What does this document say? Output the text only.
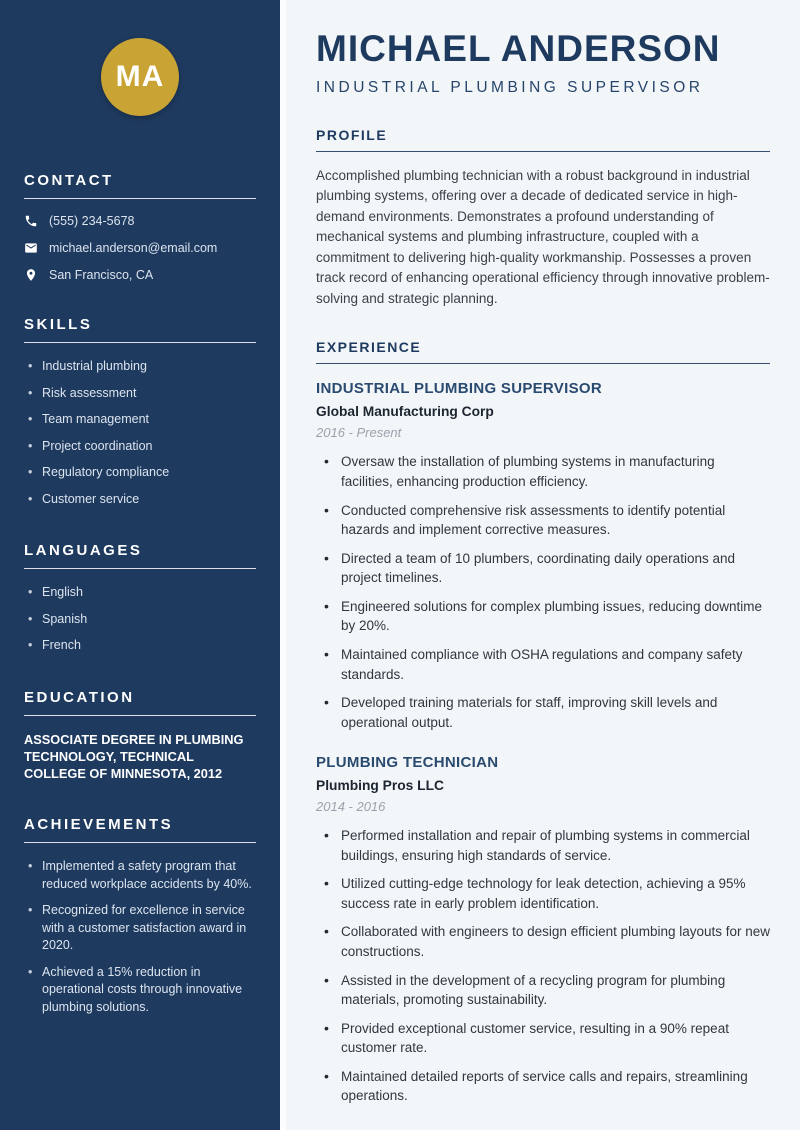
MA
CONTACT
(555) 234-5678
michael.anderson@email.com
San Francisco, CA
SKILLS
• Industrial plumbing
• Risk assessment
• Team management
• Project coordination
• Regulatory compliance
• Customer service
LANGUAGES
• English
• Spanish
• French
EDUCATION

ASSOCIATE DEGREE IN PLUMBING TECHNOLOGY, TECHNICAL COLLEGE OF MINNESOTA, 2012

ACHIEVEMENTS
• Implemented a safety program that reduced workplace accidents by 40%.
• Recognized for excellence in service with a customer satisfaction award in 2020.
• Achieved a 15% reduction in operational costs through innovative plumbing solutions.
MICHAEL ANDERSON

INDUSTRIAL PLUMBING SUPERVISOR

PROFILE

Accomplished plumbing technician with a robust background in industrial plumbing systems, offering over a decade of dedicated service in high-demand environments. Demonstrates a profound understanding of mechanical systems and plumbing infrastructure, coupled with a commitment to delivering high-quality workmanship. Possesses a proven track record of enhancing operational efficiency through innovative problem-solving and strategic planning.

EXPERIENCE
INDUSTRIAL PLUMBING SUPERVISOR

Global Manufacturing Corp

2016 - Present

• Oversaw the installation of plumbing systems in manufacturing facilities, enhancing production efficiency.
• Conducted comprehensive risk assessments to identify potential hazards and implement corrective measures.
• Directed a team of 10 plumbers, coordinating daily operations and project timelines.
• Engineered solutions for complex plumbing issues, reducing downtime by 20%.
• Maintained compliance with OSHA regulations and company safety standards.
• Developed training materials for staff, improving skill levels and operational output.
PLUMBING TECHNICIAN

Plumbing Pros LLC

2014 - 2016

• Performed installation and repair of plumbing systems in commercial buildings, ensuring high standards of service.
• Utilized cutting-edge technology for leak detection, achieving a 95% success rate in early problem identification.
• Collaborated with engineers to design efficient plumbing layouts for new constructions.
• Assisted in the development of a recycling program for plumbing materials, promoting sustainability.
• Provided exceptional customer service, resulting in a 90% repeat customer rate.
• Maintained detailed reports of service calls and repairs, streamlining operations.
